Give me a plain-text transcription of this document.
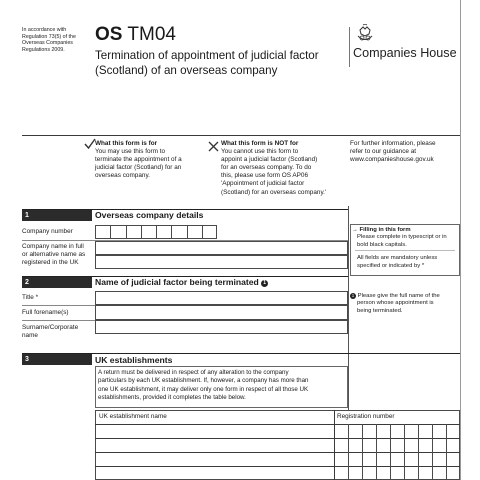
In accordance with
Regulation 73(5) of the
Overseas Companies
Regulations 2009.
OS TM04
Termination of appointment of judicial factor
(Scotland) of an overseas company
Companies House
What this form is for
You may use this form to
terminate the appointment of a
judicial factor (Scotland) for an
overseas company.
What this form is NOT for
You cannot use this form to
appoint a judicial factor (Scotland)
for an overseas company. To do
this, please use form OS AP06
'Appointment of judicial factor
(Scotland) for an overseas company.'
For further information, please
refer to our guidance at
www.companieshouse.gov.uk
1	Overseas company details
Company number
Company name in full
or alternative name as
registered in the UK
→ Filling in this form
Please complete in typescript or in
bold black capitals.
All fields are mandatory unless
specified or indicated by *
2	Name of judicial factor being terminated 1
Title *
Full forename(s)
Surname/Corporate
name
1 Please give the full name of the
person whose appointment is
being terminated.
3	UK establishments
A return must be delivered in respect of any alteration to the company
particulars by each UK establishment. If, however, a company has more than
one UK establishment, it may deliver only one form in respect of all those UK
establishments, provided it completes the table below.
UK establishment name	Registration number
